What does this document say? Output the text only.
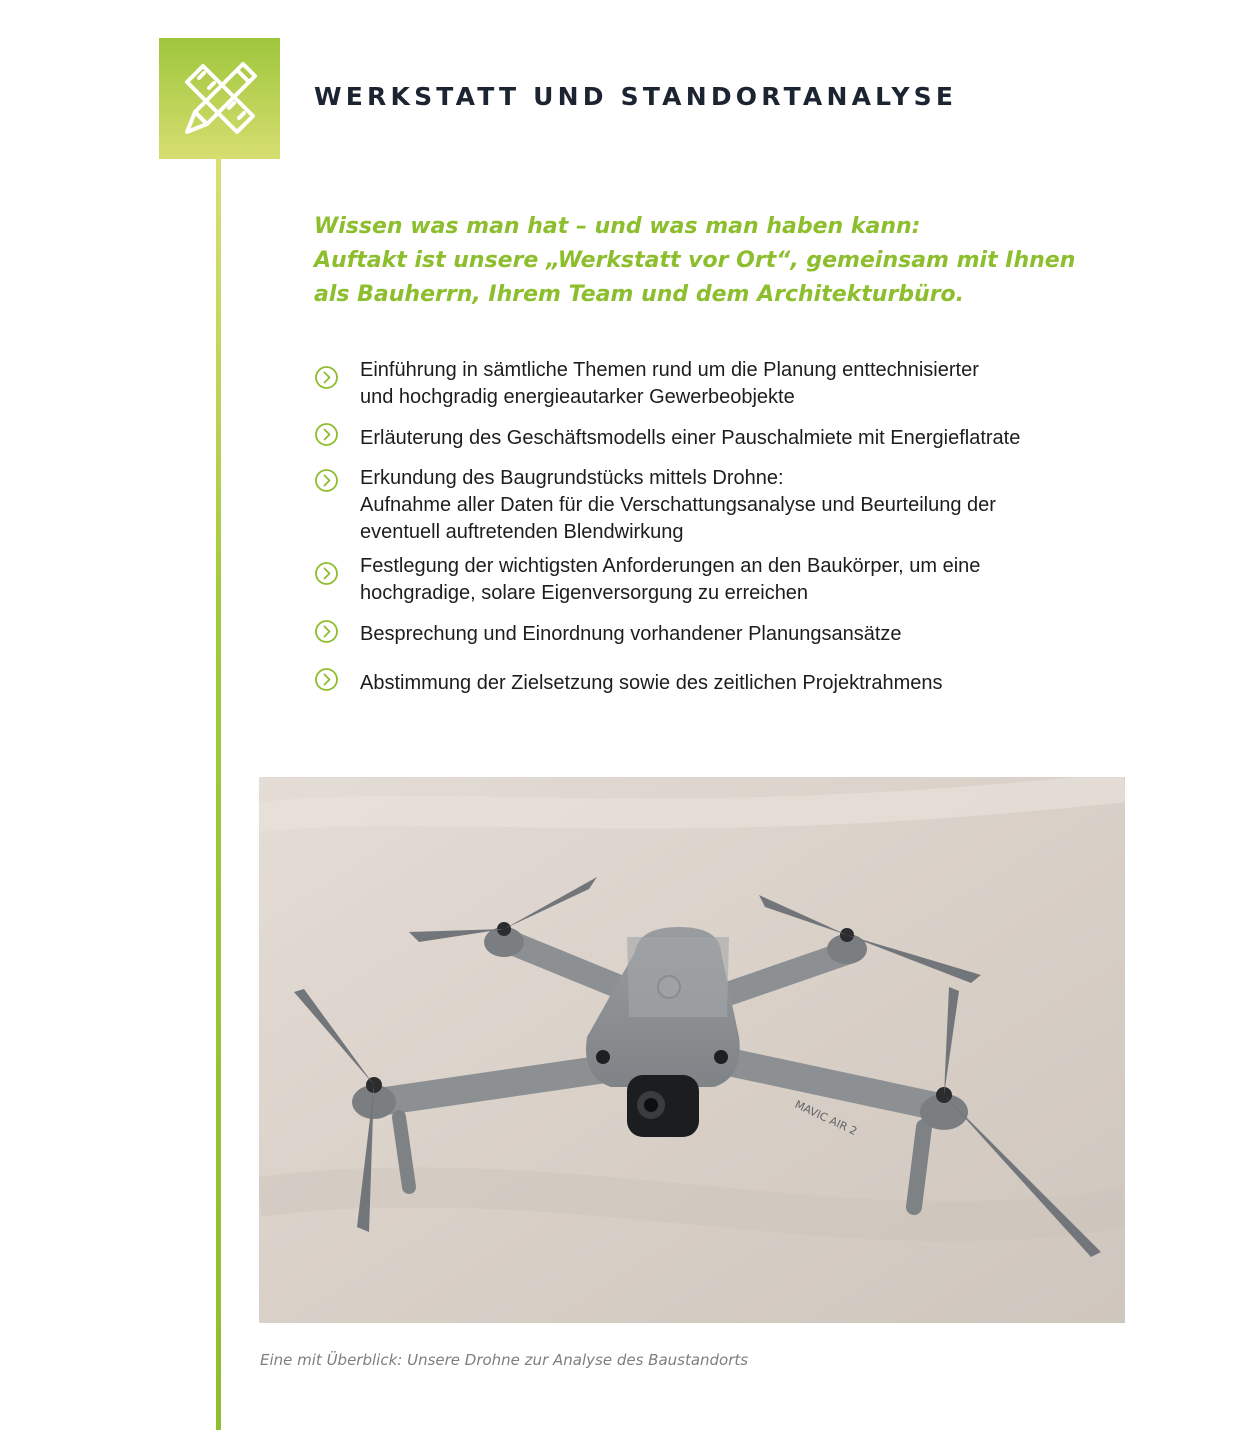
WERKSTATT UND STANDORTANALYSE
Wissen was man hat – und was man haben kann:
Auftakt ist unsere „Werkstatt vor Ort“, gemeinsam mit Ihnen
als Bauherrn, Ihrem Team und dem Architekturbüro.
Einführung in sämtliche Themen rund um die Planung enttechnisierter
und hochgradig energieautarker Gewerbeobjekte
Erläuterung des Geschäftsmodells einer Pauschalmiete mit Energieflatrate
Erkundung des Baugrundstücks mittels Drohne:
Aufnahme aller Daten für die Verschattungsanalyse und Beurteilung der
eventuell auftretenden Blendwirkung
Festlegung der wichtigsten Anforderungen an den Baukörper, um eine
hochgradige, solare Eigenversorgung zu erreichen
Besprechung und Einordnung vorhandener Planungsansätze
Abstimmung der Zielsetzung sowie des zeitlichen Projektrahmens
MAVIC AIR 2

Eine mit Überblick: Unsere Drohne zur Analyse des Baustandorts
